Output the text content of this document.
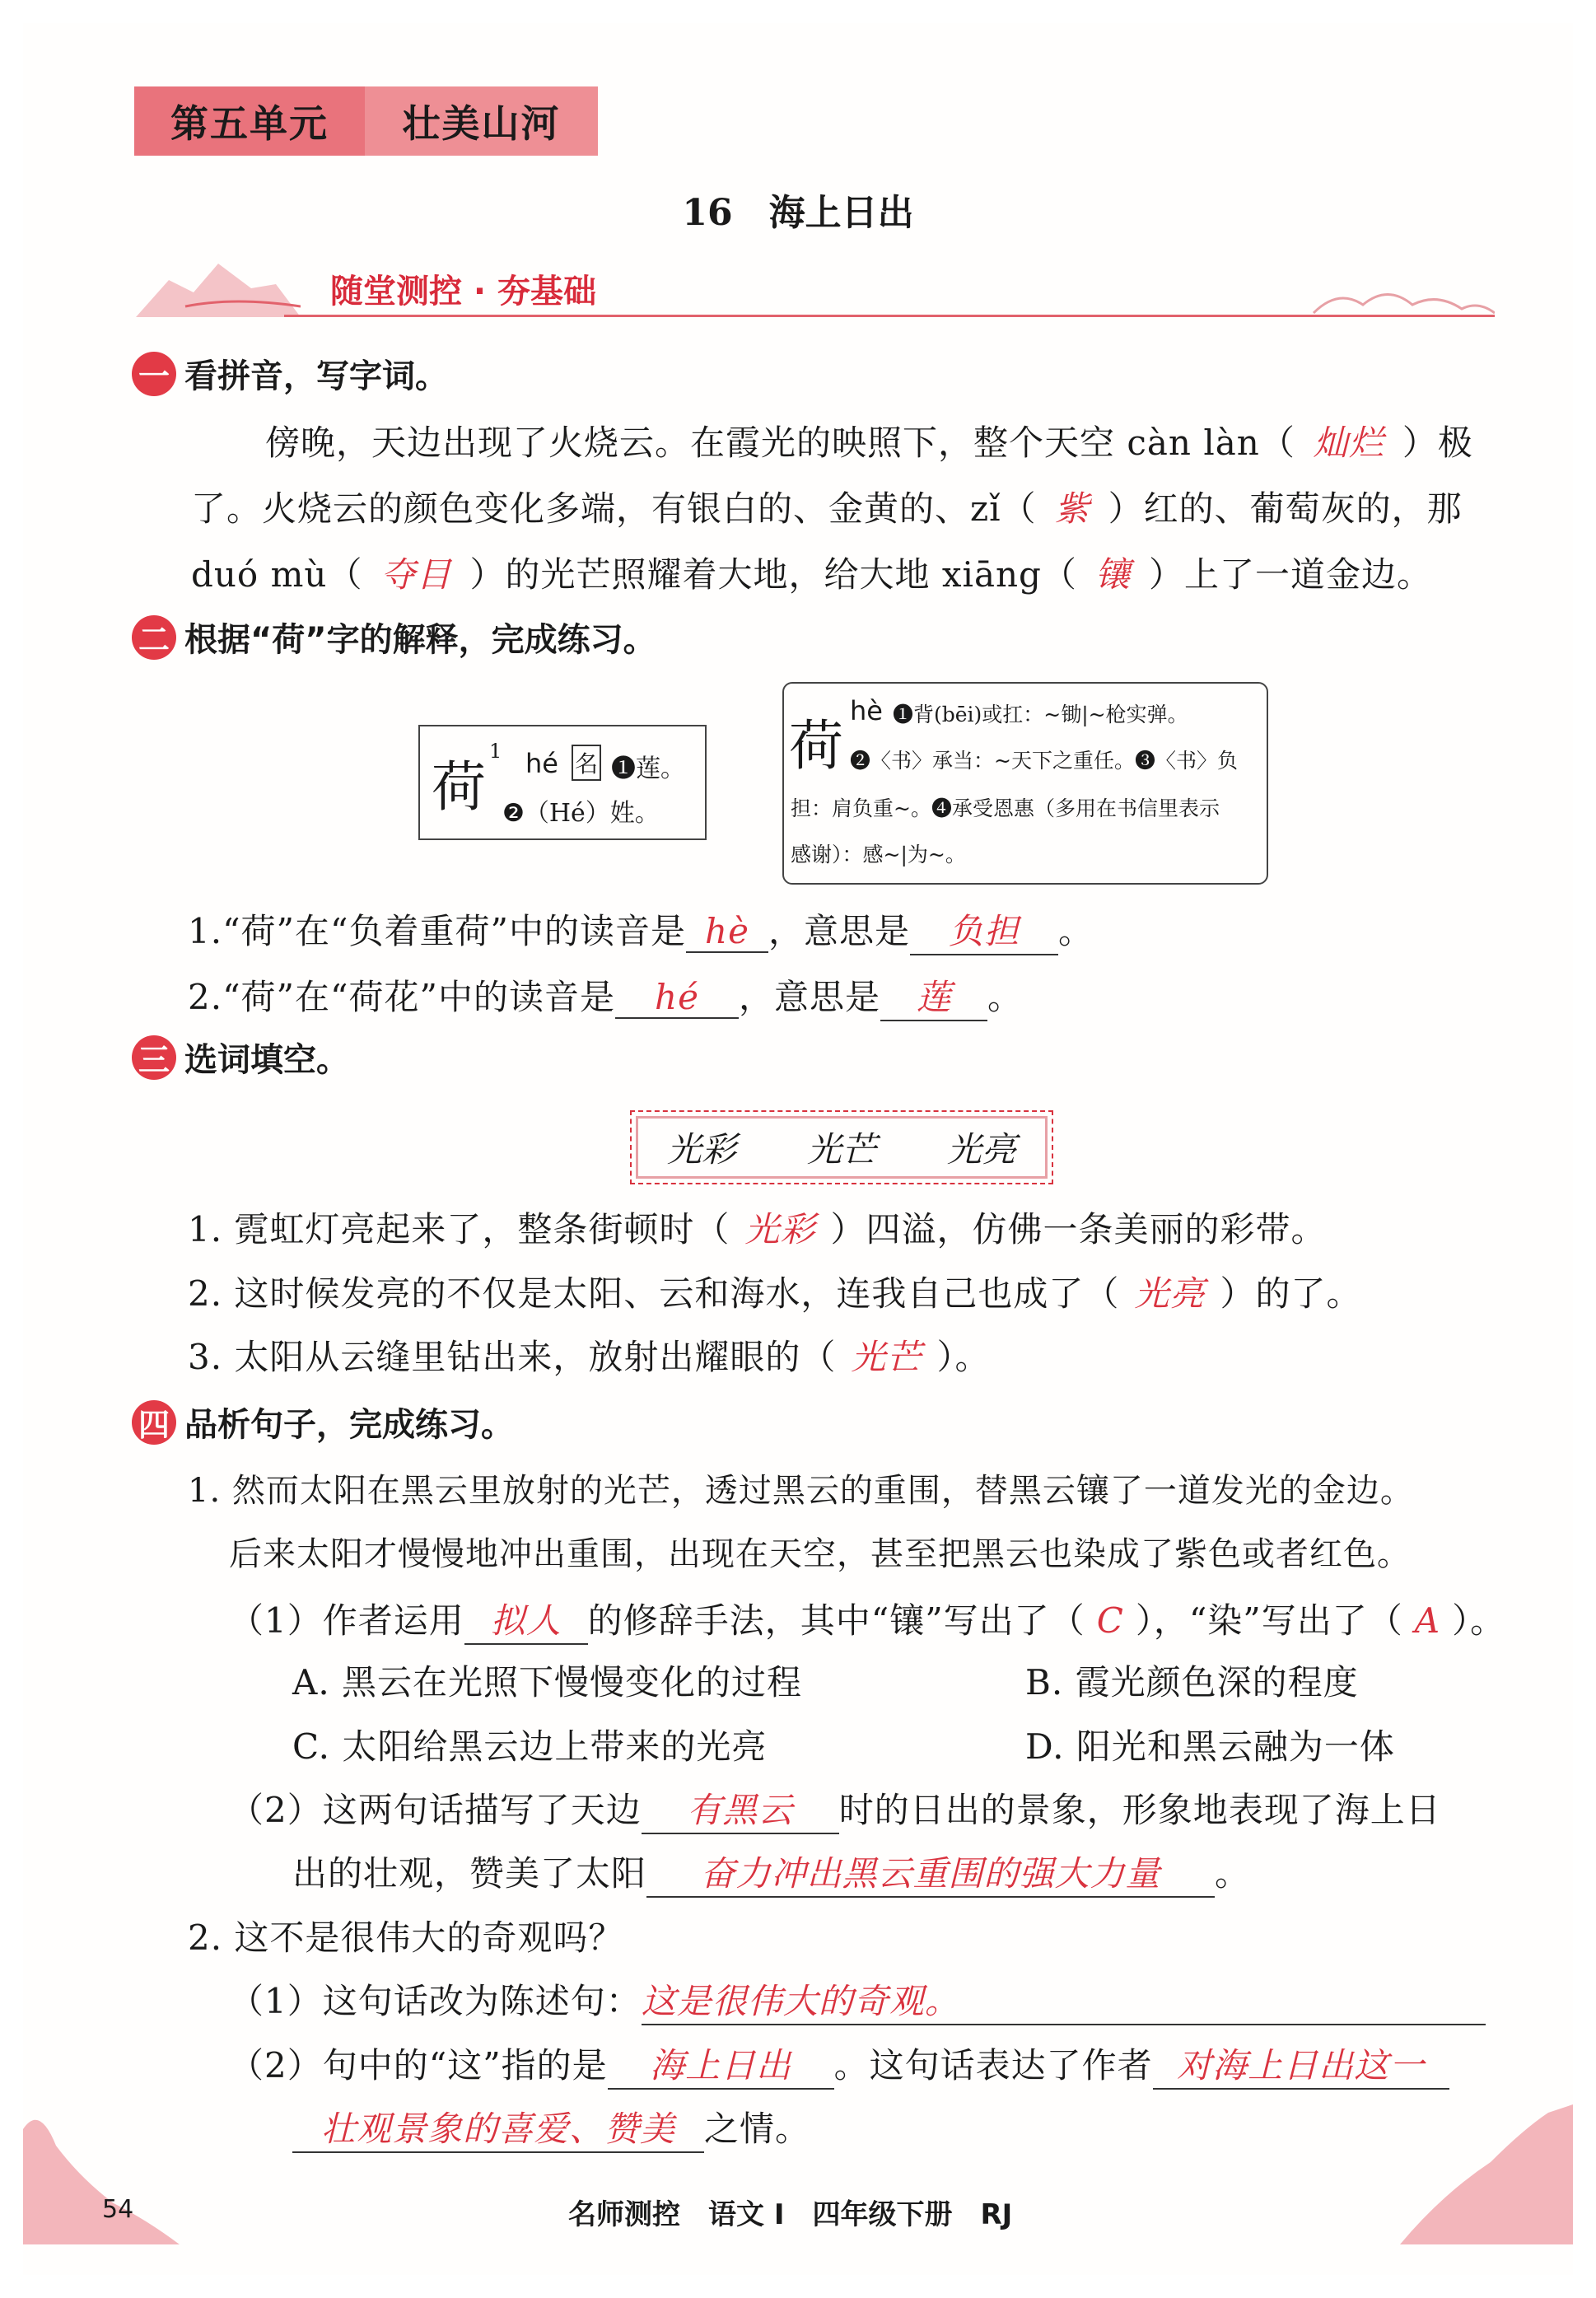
第五单元	壮美山河
16　海上日出
随堂测控 · 夯基础
一 看拼音，写字词。
傍晚，天边出现了火烧云。在霞光的映照下，整个天空 càn làn（ 灿烂 ）极
了。火烧云的颜色变化多端，有银白的、金黄的、zǐ（ 紫 ）红的、葡萄灰的，那
duó mù（ 夺目 ）的光芒照耀着大地，给大地 xiāng（ 镶 ）上了一道金边。
二 根据“荷”字的解释，完成练习。
荷
1 hé 名 ❶莲。
❷（Hé）姓。
荷
hè ❶背(bēi)或扛：~锄|~枪实弹。
❷〈书〉承当：~天下之重任。❸〈书〉负
担：肩负重~。❹承受恩惠（多用在书信里表示
感谢）：感~|为~。
1.“荷”在“负着重荷”中的读音是 hè ，意思是 负担 。
2.“荷”在“荷花”中的读音是 hé ，意思是 莲 。
三 选词填空。
光彩 光芒 光亮
1. 霓虹灯亮起来了，整条街顿时（ 光彩 ）四溢，仿佛一条美丽的彩带。
2. 这时候发亮的不仅是太阳、云和海水，连我自己也成了（ 光亮 ）的了。
3. 太阳从云缝里钻出来，放射出耀眼的（ 光芒 ）。
四 品析句子，完成练习。
1. 然而太阳在黑云里放射的光芒，透过黑云的重围，替黑云镶了一道发光的金边。
后来太阳才慢慢地冲出重围，出现在天空，甚至把黑云也染成了紫色或者红色。
（1）作者运用 拟人 的修辞手法，其中“镶”写出了（ C ），“染”写出了（ A ）。
A. 黑云在光照下慢慢变化的过程	B. 霞光颜色深的程度
C. 太阳给黑云边上带来的光亮	D. 阳光和黑云融为一体
（2）这两句话描写了天边 有黑云 时的日出的景象，形象地表现了海上日
出的壮观，赞美了太阳 奋力冲出黑云重围的强大力量 。
2. 这不是很伟大的奇观吗？
（1）这句话改为陈述句：这是很伟大的奇观。
（2）句中的“这”指的是 海上日出 。这句话表达了作者 对海上日出这一
壮观景象的喜爱、赞美 之情。
54	名师测控　语文 Ⅰ　四年级下册　RJ
